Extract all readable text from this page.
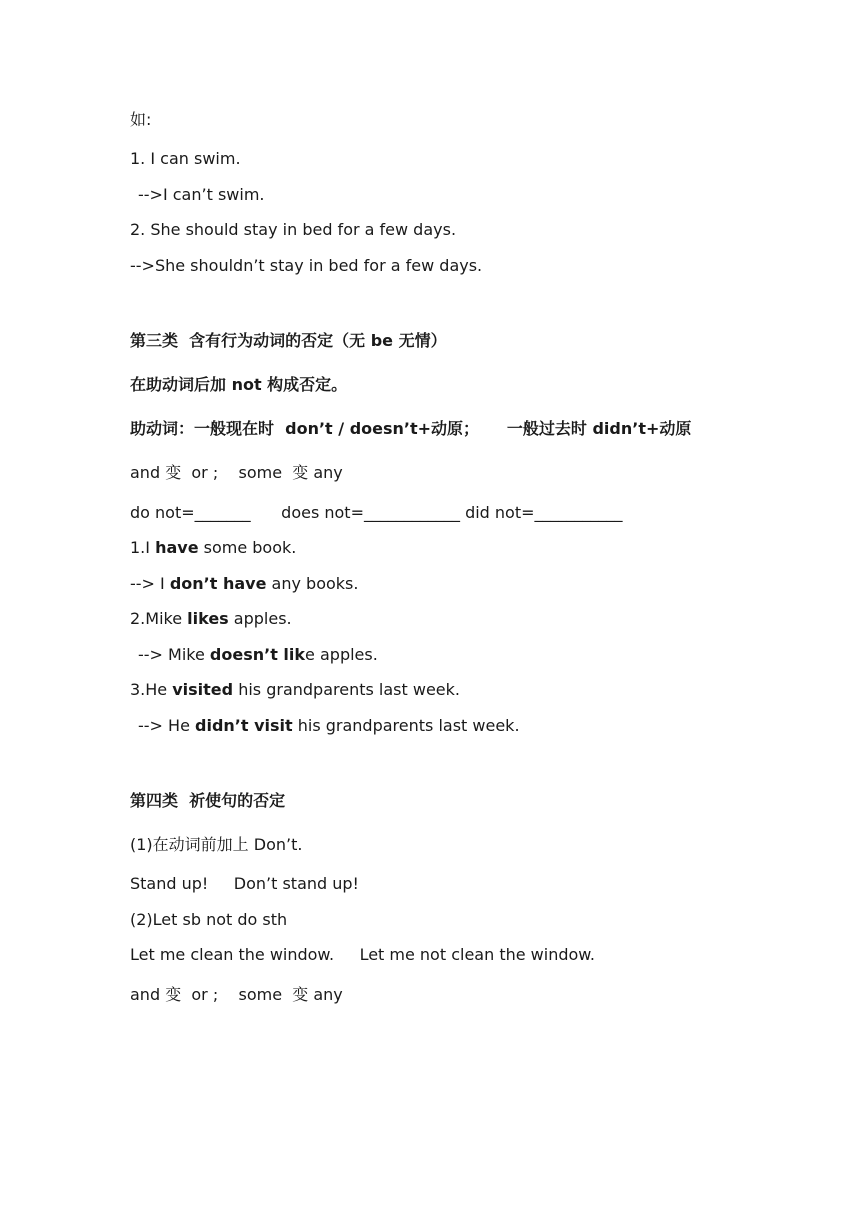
如:
1. I can swim.
-->I can’t swim.
2. She should stay in bed for a few days.
-->She shouldn’t stay in bed for a few days.
第三类  含有行为动词的否定（无 be 无情）
在助动词后加 not 构成否定。
助动词：一般现在时  don’t / doesn’t+动原；     一般过去时 didn’t+动原
and 变  or ;    some  变 any
do not=_______      does not=____________ did not=___________
1.I have some book.
--> I don’t have any books.
2.Mike likes apples.
--> Mike doesn’t like apples.
3.He visited his grandparents last week.
--> He didn’t visit his grandparents last week.
第四类  祈使句的否定
(1)在动词前加上 Don’t.
Stand up!     Don’t stand up!
(2)Let sb not do sth
Let me clean the window.     Let me not clean the window.
and 变  or ;    some  变 any
